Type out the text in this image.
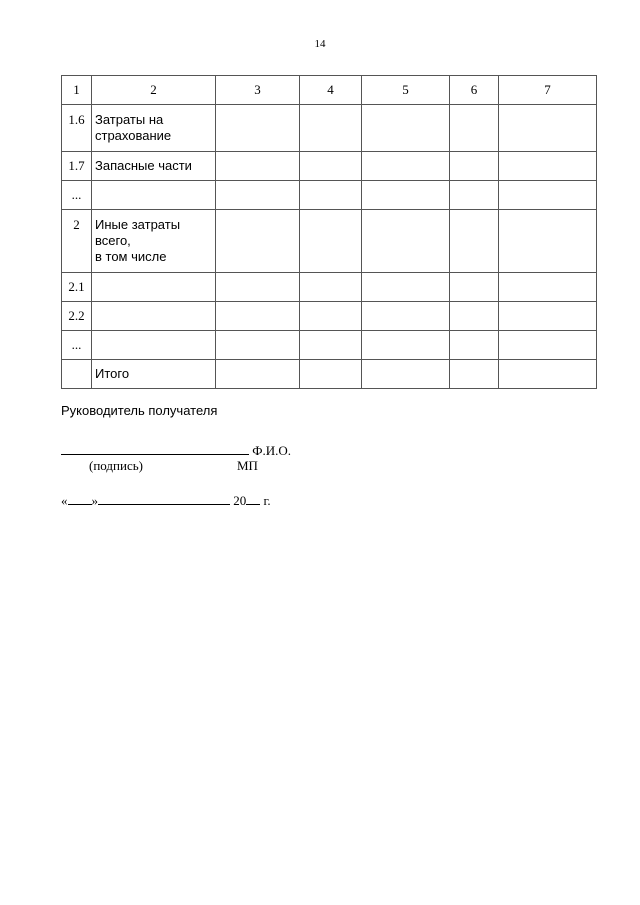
14
1	2	3	4	5	6	7
1.6	Затраты на страхование					
1.7	Запасные части					
...						
2	Иные затраты
всего,
в том числе					

2.1						
2.2						
...						
	Итого					

Руководитель получателя

Ф.И.О.
(подпись)	МП
« »	20 г.
